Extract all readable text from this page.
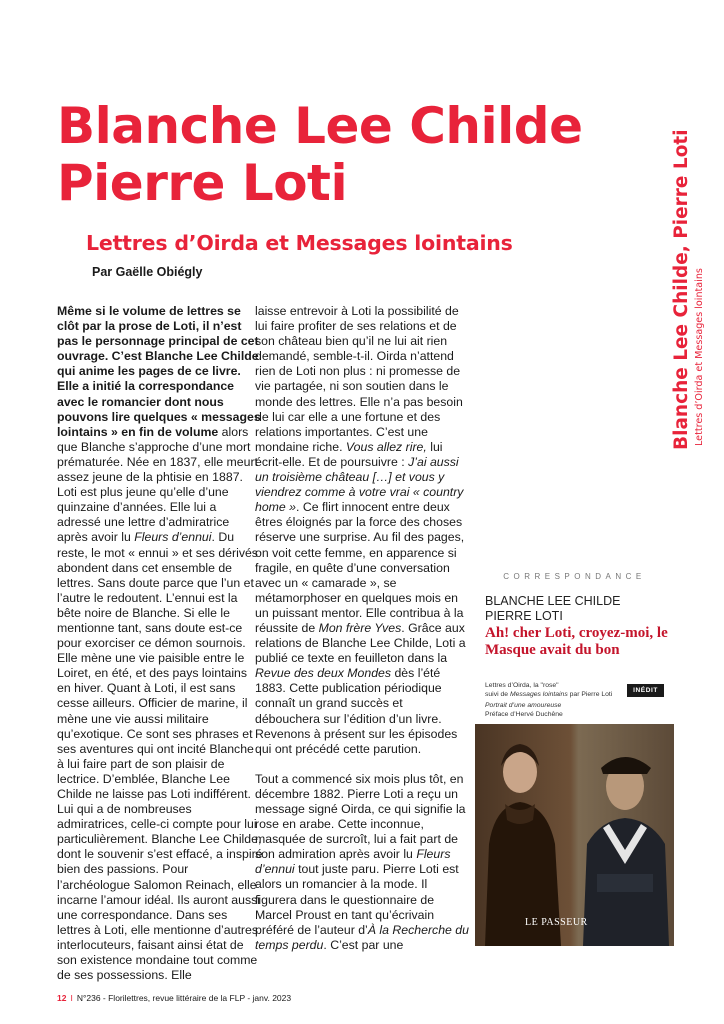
Blanche Lee Childe
Pierre Loti
Lettres d’Oirda et Messages lointains

Par Gaëlle Obiégly	Blanche Lee Childe, Pierre Loti Lettres d’Oirda et Messages lointains

Même si le volume de lettres se clôt par la prose de Loti, il n’est pas le personnage principal de cet ouvrage. C’est Blanche Lee Childe qui anime les pages de ce livre. Elle a initié la correspondance avec le romancier dont nous pouvons lire quelques « messages lointains » en fin de volume alors que Blanche s’approche d’une mort prématurée. Née en 1837, elle meurt assez jeune de la phtisie en 1887. Loti est plus jeune qu’elle d’une quinzaine d’années. Elle lui a adressé une lettre d’admiratrice après avoir lu Fleurs d’ennui. Du reste, le mot « ennui » et ses dérivés abondent dans cet ensemble de lettres. Sans doute parce que l’un et l’autre le redoutent. L’ennui est la bête noire de Blanche. Si elle le mentionne tant, sans doute est-ce pour exorciser ce démon sournois. Elle mène une vie paisible entre le Loiret, en été, et des pays lointains en hiver. Quant à Loti, il est sans cesse ailleurs. Officier de marine, il mène une vie aussi militaire qu’exotique. Ce sont ses phrases et ses aventures qui ont incité Blanche à lui faire part de son plaisir de lectrice. D’emblée, Blanche Lee Childe ne laisse pas Loti indifférent. Lui qui a de nombreuses admiratrices, celle-ci compte pour lui particulièrement. Blanche Lee Childe, dont le souvenir s’est effacé, a inspiré bien des passions. Pour l’archéologue Salomon Reinach, elle incarne l’amour idéal. Ils auront aussi une correspondance. Dans ses lettres à Loti, elle mentionne d’autres interlocuteurs, faisant ainsi état de son existence mondaine tout comme de ses possessions. Elle

laisse entrevoir à Loti la possibilité de lui faire profiter de ses relations et de son château bien qu’il ne lui ait rien demandé, semble-t-il. Oirda n’attend rien de Loti non plus : ni promesse de vie partagée, ni son soutien dans le monde des lettres. Elle n’a pas besoin de lui car elle a une fortune et des relations importantes. C’est une mondaine riche. Vous allez rire, lui écrit-elle. Et de poursuivre : J’ai aussi un troisième château […] et vous y viendrez comme à votre vrai « country home ». Ce flirt innocent entre deux êtres éloignés par la force des choses réserve une surprise. Au fil des pages, on voit cette femme, en apparence si fragile, en quête d’une conversation avec un « camarade », se métamorphoser en quelques mois en un puissant mentor. Elle contribua à la réussite de Mon frère Yves. Grâce aux relations de Blanche Lee Childe, Loti a publié ce texte en feuilleton dans la Revue des deux Mondes dès l’été 1883. Cette publication périodique connaît un grand succès et débouchera sur l’édition d’un livre. Revenons à présent sur les épisodes qui ont précédé cette parution.

Tout a commencé six mois plus tôt, en décembre 1882. Pierre Loti a reçu un message signé Oirda, ce qui signifie la rose en arabe. Cette inconnue, masquée de surcroît, lui a fait part de son admiration après avoir lu Fleurs d’ennui tout juste paru. Pierre Loti est alors un romancier à la mode. Il figurera dans le questionnaire de Marcel Proust en tant qu’écrivain préféré de l’auteur d’À la Recherche du temps perdu. C’est par une

CORRESPONDANCE
BLANCHE LEE CHILDE
PIERRE LOTI
Ah! cher Loti, croyez-moi, le Masque avait du bon
Lettres d’Oirda, la "rose"
suivi de Messages lointains par Pierre Loti
Portrait d’une amoureuse
Préface d’Hervé Duchêne
INÉDIT
LE PASSEUR
12 I N°236 - Florilettres, revue littéraire de la FLP - janv. 2023
